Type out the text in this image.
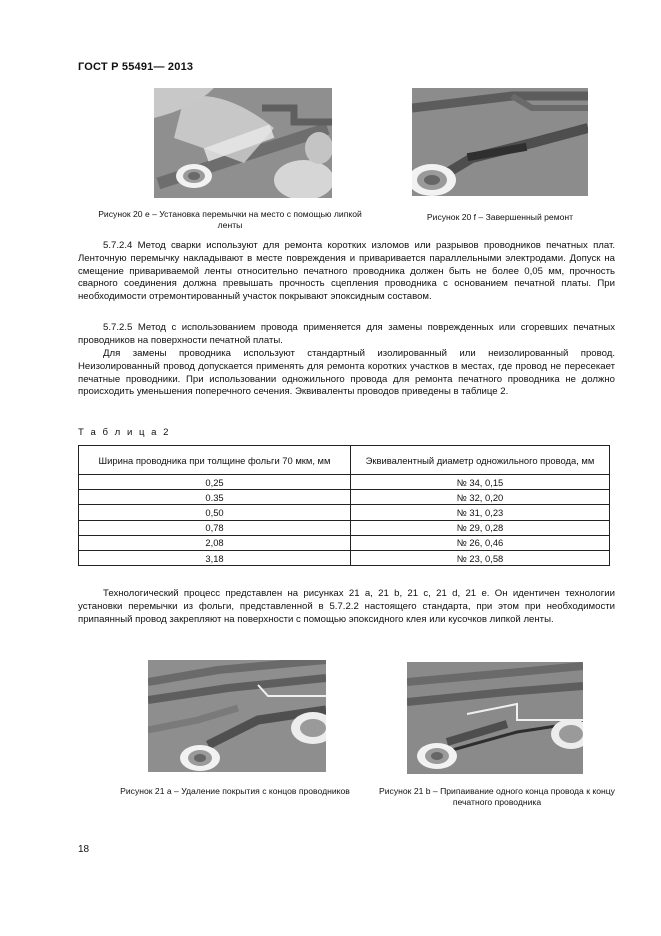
ГОСТ Р 55491— 2013
Рисунок 20 е – Установка перемычки на место с помощью липкой ленты
Рисунок 20 f – Завершенный ремонт

5.7.2.4 Метод сварки используют для ремонта коротких изломов или разрывов проводников печатных плат. Ленточную перемычку накладывают в месте повреждения и приваривается параллельными электродами. Допуск на смещение привариваемой ленты относительно печатного проводника должен быть не более 0,05 мм, прочность сварного соединения должна превышать прочность сцепления проводника с основанием печатной платы. При необходимости отремонтированный участок покрывают эпоксидным составом.

5.7.2.5 Метод с использованием провода применяется для замены поврежденных или сгоревших печатных проводников на поверхности печатной платы.

Для замены проводника используют стандартный изолированный или неизолированный провод. Неизолированный провод допускается применять для ремонта коротких участков в местах, где провод не пересекает печатные проводники. При использовании одножильного провода для ремонта печатного проводника не должно происходить уменьшения поперечного сечения. Эквиваленты проводов приведены в таблице 2.

Т а б л и ц а 2
Ширина проводника при толщине фольги 70 мкм, мм	Эквивалентный диаметр одножильного провода, мм
0,25	№ 34, 0,15
0.35	№ 32, 0,20
0,50	№ 31, 0,23
0,78	№ 29, 0,28
2,08	№ 26, 0,46
3,18	№ 23, 0,58

Технологический процесс представлен на рисунках 21 a, 21 b, 21 c, 21 d, 21 e. Он идентичен технологии установки перемычки из фольги, представленной в 5.7.2.2 настоящего стандарта, при этом при необходимости припаянный провод закрепляют на поверхности с помощью эпоксидного клея или кусочков липкой ленты.

Рисунок 21 а – Удаление покрытия с концов проводников	Рисунок 21 b – Припаивание одного конца провода к концу печатного проводника
18
